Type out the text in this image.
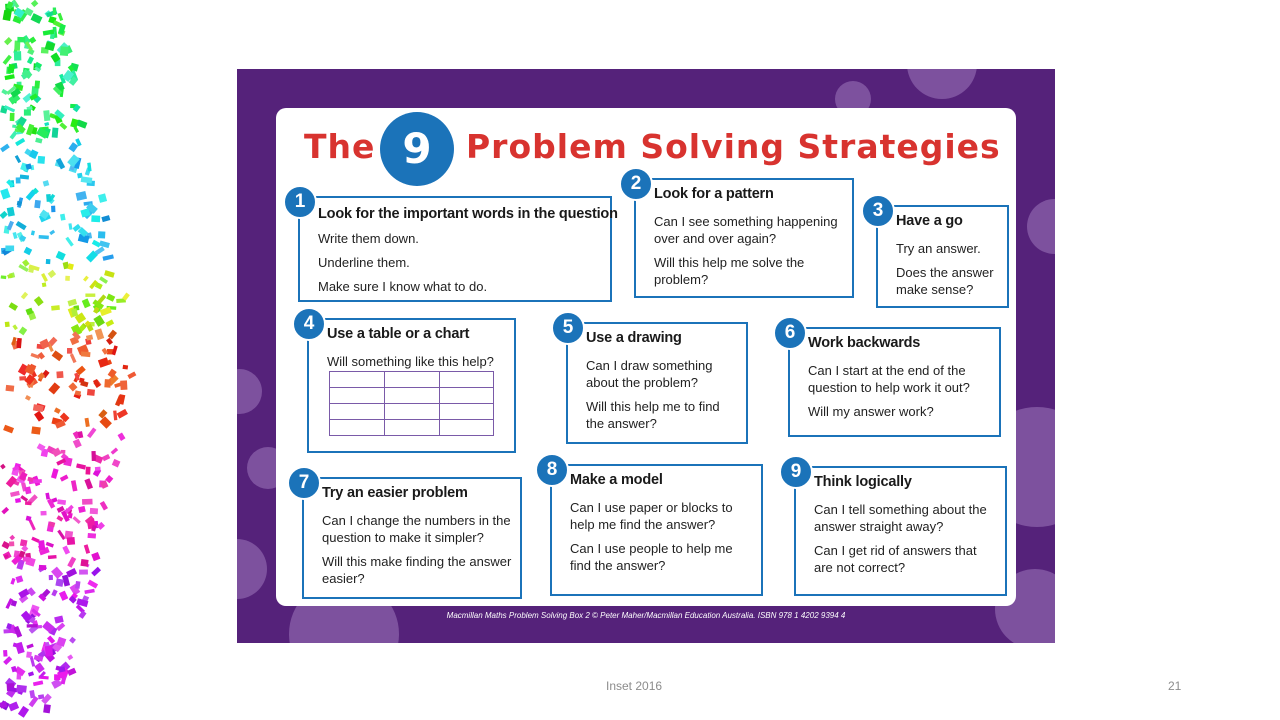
The 9	Problem Solving Strategies
1
Look for the important words in the question
Write them down.
Underline them.
Make sure I know what to do.
2 Look for a pattern
Can I see something happening over and over again?
Will this help me solve the problem?
3 Have a go
Try an answer.
Does the answer make sense?
4 Use a table or a chart
Will something like this help?
5 Use a drawing
Can I draw something about the problem?
Will this help me to find the answer?
6 Work backwards
Can I start at the end of the question to help work it out?
Will my answer work?
7 Try an easier problem
Can I change the numbers in the question to make it simpler?
Will this make finding the answer easier?
8 Make a model
Can I use paper or blocks to help me find the answer?
Can I use people to help me find the answer?
9 Think logically
Can I tell something about the answer straight away?
Can I get rid of answers that are not correct?
Macmillan Maths Problem Solving Box 2 © Peter Maher/Macmillan Education Australia. ISBN 978 1 4202 9394 4
Inset 2016	21
